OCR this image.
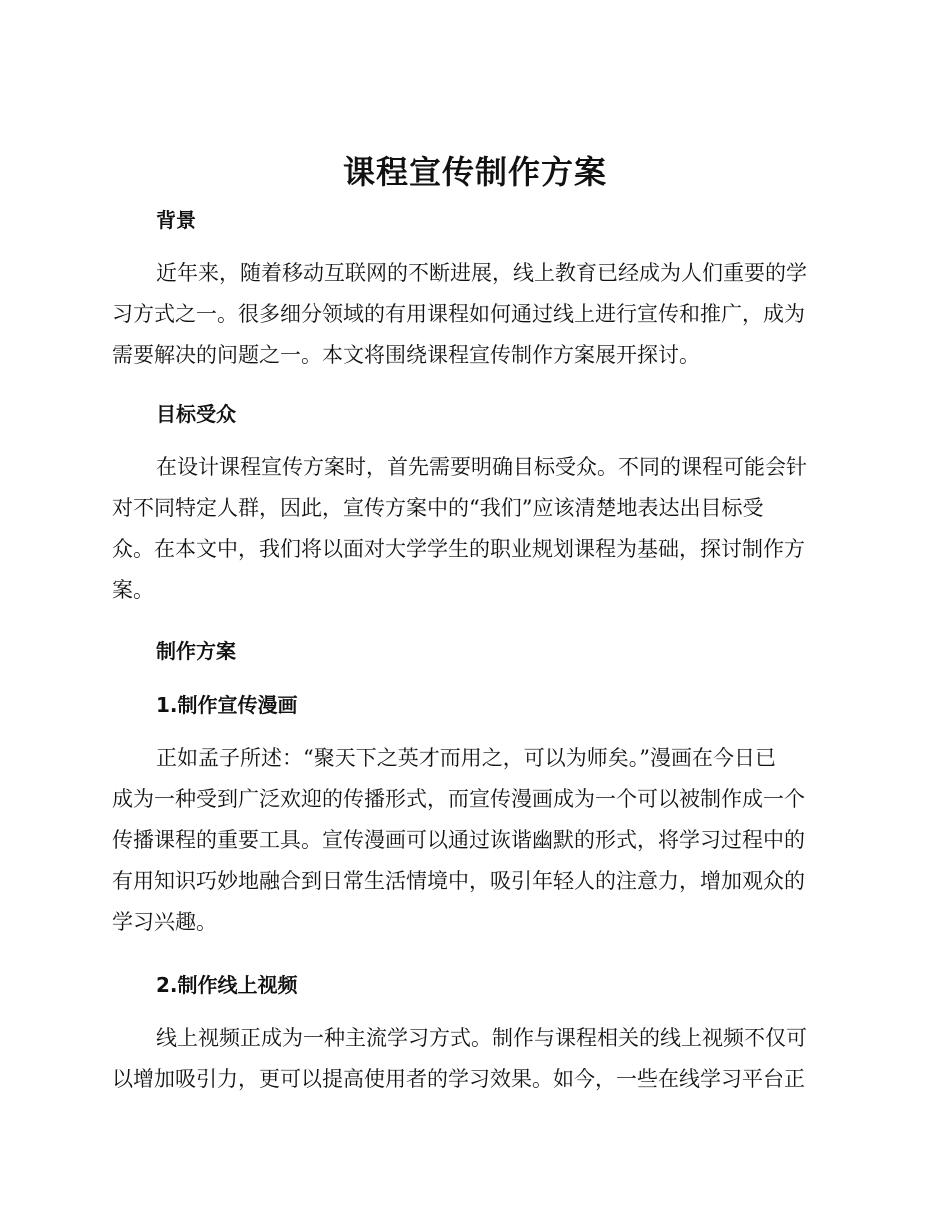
课程宣传制作方案
背景
近年来，随着移动互联网的不断进展，线上教育已经成为人们重要的学
习方式之一。很多细分领域的有用课程如何通过线上进行宣传和推广，成为
需要解决的问题之一。本文将围绕课程宣传制作方案展开探讨。
目标受众
在设计课程宣传方案时，首先需要明确目标受众。不同的课程可能会针
对不同特定人群，因此，宣传方案中的“我们”应该清楚地表达出目标受
众。在本文中，我们将以面对大学学生的职业规划课程为基础，探讨制作方
案。
制作方案
1.制作宣传漫画
正如孟子所述：“聚天下之英才而用之，可以为师矣。”漫画在今日已
成为一种受到广泛欢迎的传播形式，而宣传漫画成为一个可以被制作成一个
传播课程的重要工具。宣传漫画可以通过诙谐幽默的形式，将学习过程中的
有用知识巧妙地融合到日常生活情境中，吸引年轻人的注意力，增加观众的
学习兴趣。
2.制作线上视频
线上视频正成为一种主流学习方式。制作与课程相关的线上视频不仅可
以增加吸引力，更可以提高使用者的学习效果。如今，一些在线学习平台正
